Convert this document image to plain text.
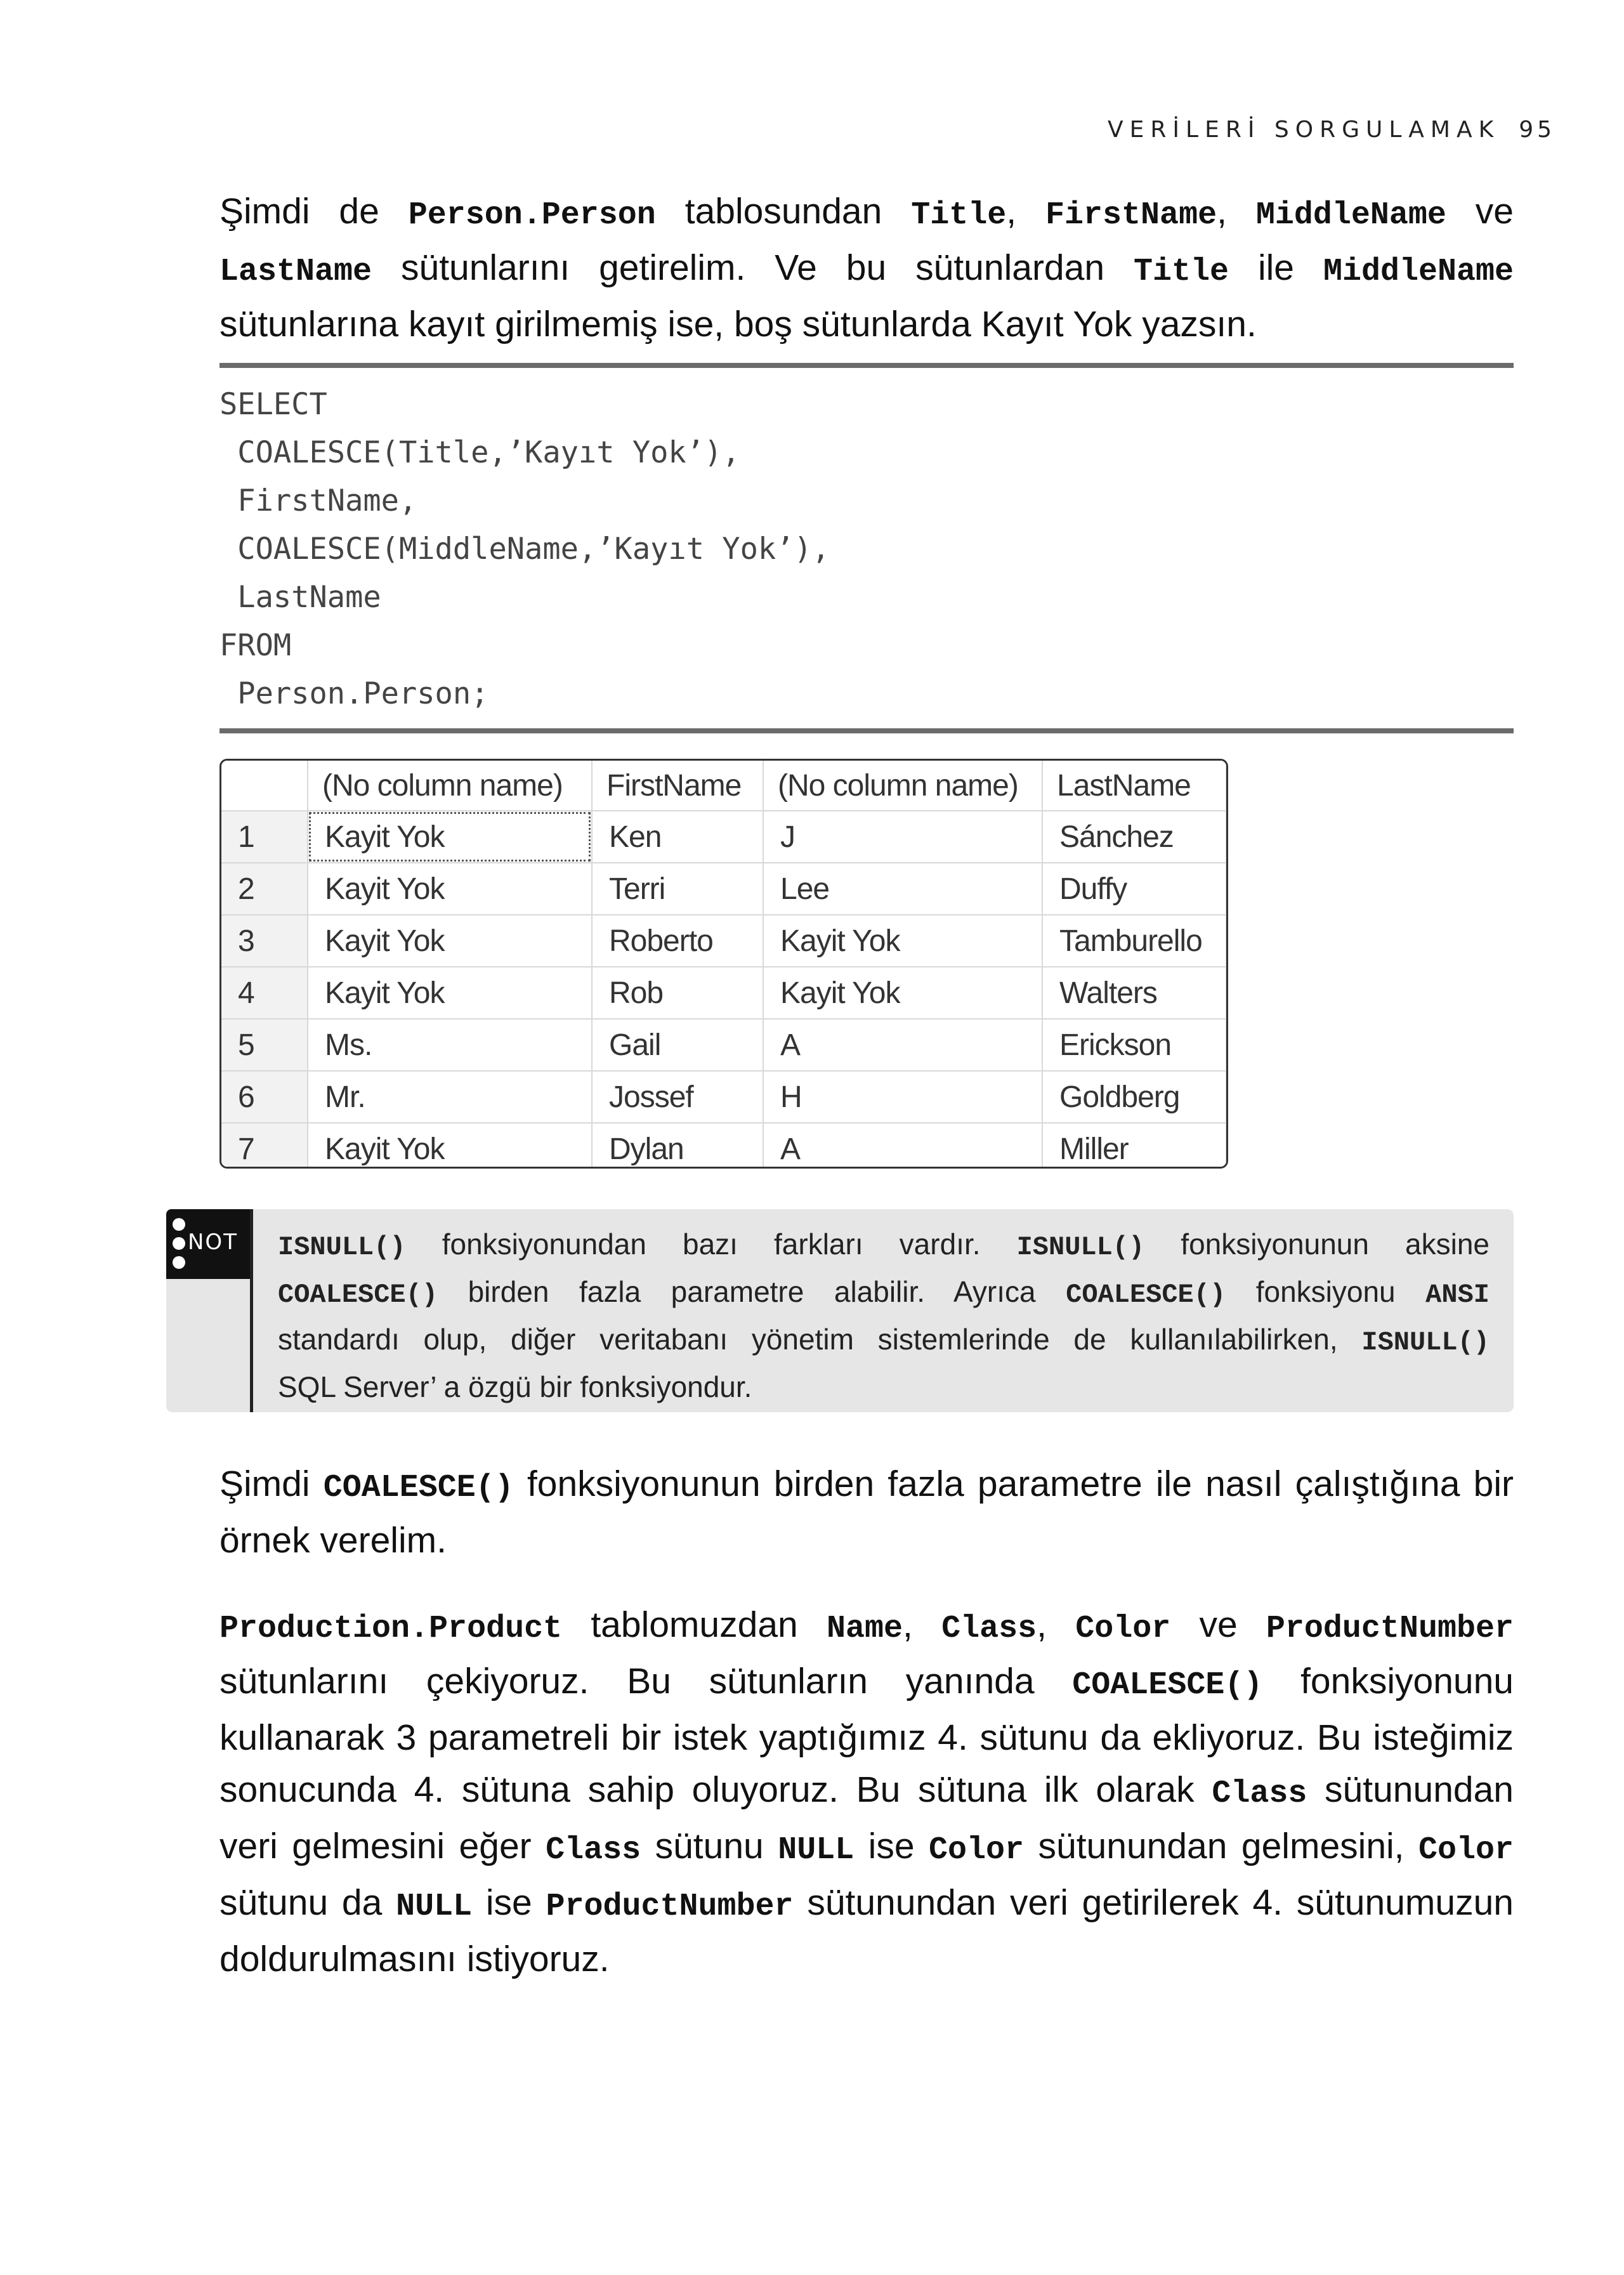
VERİLERİ SORGULAMAK 95
Şimdi de Person.Person tablosundan Title, FirstName, MiddleName ve
LastName sütunlarını getirelim. Ve bu sütunlardan Title ile MiddleName
sütunlarına kayıt girilmemiş ise, boş sütunlarda Kayıt Yok yazsın.
SELECT
COALESCE(Title,’Kayıt Yok’),
FirstName,
COALESCE(MiddleName,’Kayıt Yok’),
LastName
FROM
Person.Person;
	(No column name)	FirstName	(No column name)	LastName
1	Kayit Yok	Ken	J	Sánchez
2	Kayit Yok	Terri	Lee	Duffy
3	Kayit Yok	Roberto	Kayit Yok	Tamburello
4	Kayit Yok	Rob	Kayit Yok	Walters
5	Ms.	Gail	A	Erickson
6	Mr.	Jossef	H	Goldberg
7	Kayit Yok	Dylan	A	Miller
NOT ISNULL() fonksiyonundan bazı farkları vardır. ISNULL() fonksiyonunun aksine
COALESCE() birden fazla parametre alabilir. Ayrıca COALESCE() fonksiyonu ANSI
standardı olup, diğer veritabanı yönetim sistemlerinde de kullanılabilirken, ISNULL()
SQL Server’ a özgü bir fonksiyondur.
Şimdi COALESCE() fonksiyonunun birden fazla parametre ile nasıl çalıştığına bir
örnek verelim.
Production.Product tablomuzdan Name, Class, Color ve ProductNumber
sütunlarını çekiyoruz. Bu sütunların yanında COALESCE() fonksiyonunu
kullanarak 3 parametreli bir istek yaptığımız 4. sütunu da ekliyoruz. Bu isteğimiz
sonucunda 4. sütuna sahip oluyoruz. Bu sütuna ilk olarak Class sütunundan
veri gelmesini eğer Class sütunu NULL ise Color sütunundan gelmesini, Color
sütunu da NULL ise ProductNumber sütunundan veri getirilerek 4. sütunumuzun
doldurulmasını istiyoruz.
